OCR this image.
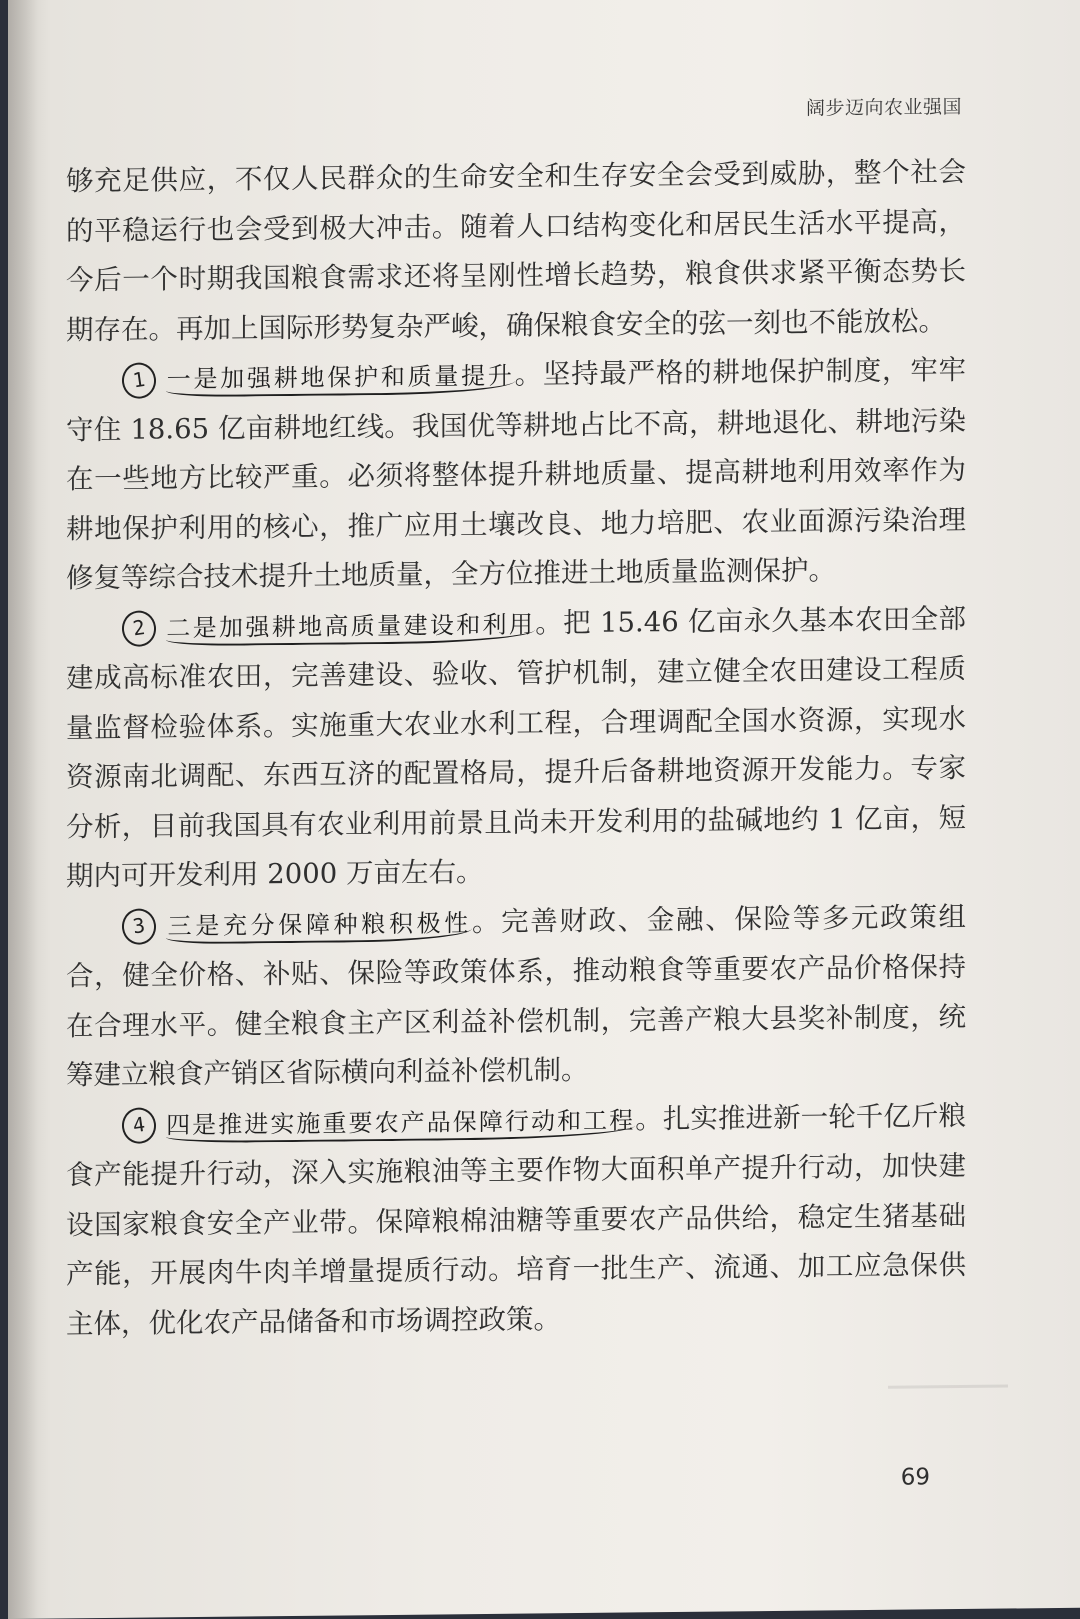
阔步迈向农业强国

够充足供应，不仅人民群众的生命安全和生存安全会受到威胁，整个社会的平稳运行也会受到极大冲击。随着人口结构变化和居民生活水平提高，今后一个时期我国粮食需求还将呈刚性增长趋势，粮食供求紧平衡态势长期存在。再加上国际形势复杂严峻，确保粮食安全的弦一刻也不能放松。

1 一是加强耕地保护和质量提升。坚持最严格的耕地保护制度，牢牢守住 18.65 亿亩耕地红线。我国优等耕地占比不高，耕地退化、耕地污染在一些地方比较严重。必须将整体提升耕地质量、提高耕地利用效率作为耕地保护利用的核心，推广应用土壤改良、地力培肥、农业面源污染治理修复等综合技术提升土地质量，全方位推进土地质量监测保护。

2 二是加强耕地高质量建设和利用。把 15.46 亿亩永久基本农田全部建成高标准农田，完善建设、验收、管护机制，建立健全农田建设工程质量监督检验体系。实施重大农业水利工程，合理调配全国水资源，实现水资源南北调配、东西互济的配置格局，提升后备耕地资源开发能力。专家分析，目前我国具有农业利用前景且尚未开发利用的盐碱地约 1 亿亩，短期内可开发利用 2000 万亩左右。

3 三是充分保障种粮积极性。完善财政、金融、保险等多元政策组合，健全价格、补贴、保险等政策体系，推动粮食等重要农产品价格保持在合理水平。健全粮食主产区利益补偿机制，完善产粮大县奖补制度，统筹建立粮食产销区省际横向利益补偿机制。

4 四是推进实施重要农产品保障行动和工程。扎实推进新一轮千亿斤粮食产能提升行动，深入实施粮油等主要作物大面积单产提升行动，加快建设国家粮食安全产业带。保障粮棉油糖等重要农产品供给，稳定生猪基础产能，开展肉牛肉羊增量提质行动。培育一批生产、流通、加工应急保供主体，优化农产品储备和市场调控政策。

69
